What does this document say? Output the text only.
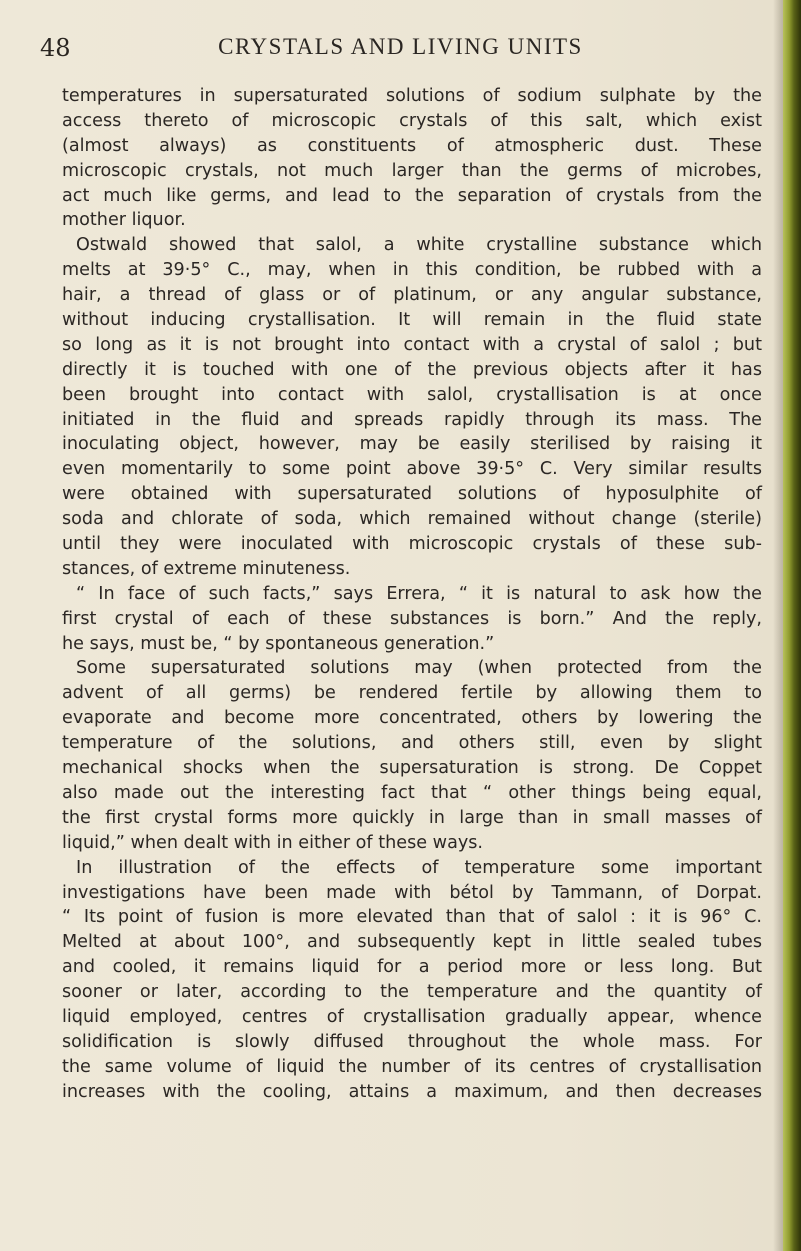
48	CRYSTALS AND LIVING UNITS
temperatures in supersaturated solutions of sodium sulphate by the
access thereto of microscopic crystals of this salt, which exist
(almost always) as constituents of atmospheric dust. These
microscopic crystals, not much larger than the germs of microbes,
act much like germs, and lead to the separation of crystals from the
mother liquor.
Ostwald showed that salol, a white crystalline substance which
melts at 39·5° C., may, when in this condition, be rubbed with a
hair, a thread of glass or of platinum, or any angular substance,
without inducing crystallisation. It will remain in the fluid state
so long as it is not brought into contact with a crystal of salol ; but
directly it is touched with one of the previous objects after it has
been brought into contact with salol, crystallisation is at once
initiated in the fluid and spreads rapidly through its mass. The
inoculating object, however, may be easily sterilised by raising it
even momentarily to some point above 39·5° C. Very similar results
were obtained with supersaturated solutions of hyposulphite of
soda and chlorate of soda, which remained without change (sterile)
until they were inoculated with microscopic crystals of these sub-
stances, of extreme minuteness.
“ In face of such facts,” says Errera, “ it is natural to ask how the
first crystal of each of these substances is born.” And the reply,
he says, must be, “ by spontaneous generation.”
Some supersaturated solutions may (when protected from the
advent of all germs) be rendered fertile by allowing them to
evaporate and become more concentrated, others by lowering the
temperature of the solutions, and others still, even by slight
mechanical shocks when the supersaturation is strong. De Coppet
also made out the interesting fact that “ other things being equal,
the first crystal forms more quickly in large than in small masses of
liquid,” when dealt with in either of these ways.
In illustration of the effects of temperature some important
investigations have been made with bétol by Tammann, of Dorpat.
“ Its point of fusion is more elevated than that of salol : it is 96° C.
Melted at about 100°, and subsequently kept in little sealed tubes
and cooled, it remains liquid for a period more or less long. But
sooner or later, according to the temperature and the quantity of
liquid employed, centres of crystallisation gradually appear, whence
solidification is slowly diffused throughout the whole mass. For
the same volume of liquid the number of its centres of crystallisation
increases with the cooling, attains a maximum, and then decreases
